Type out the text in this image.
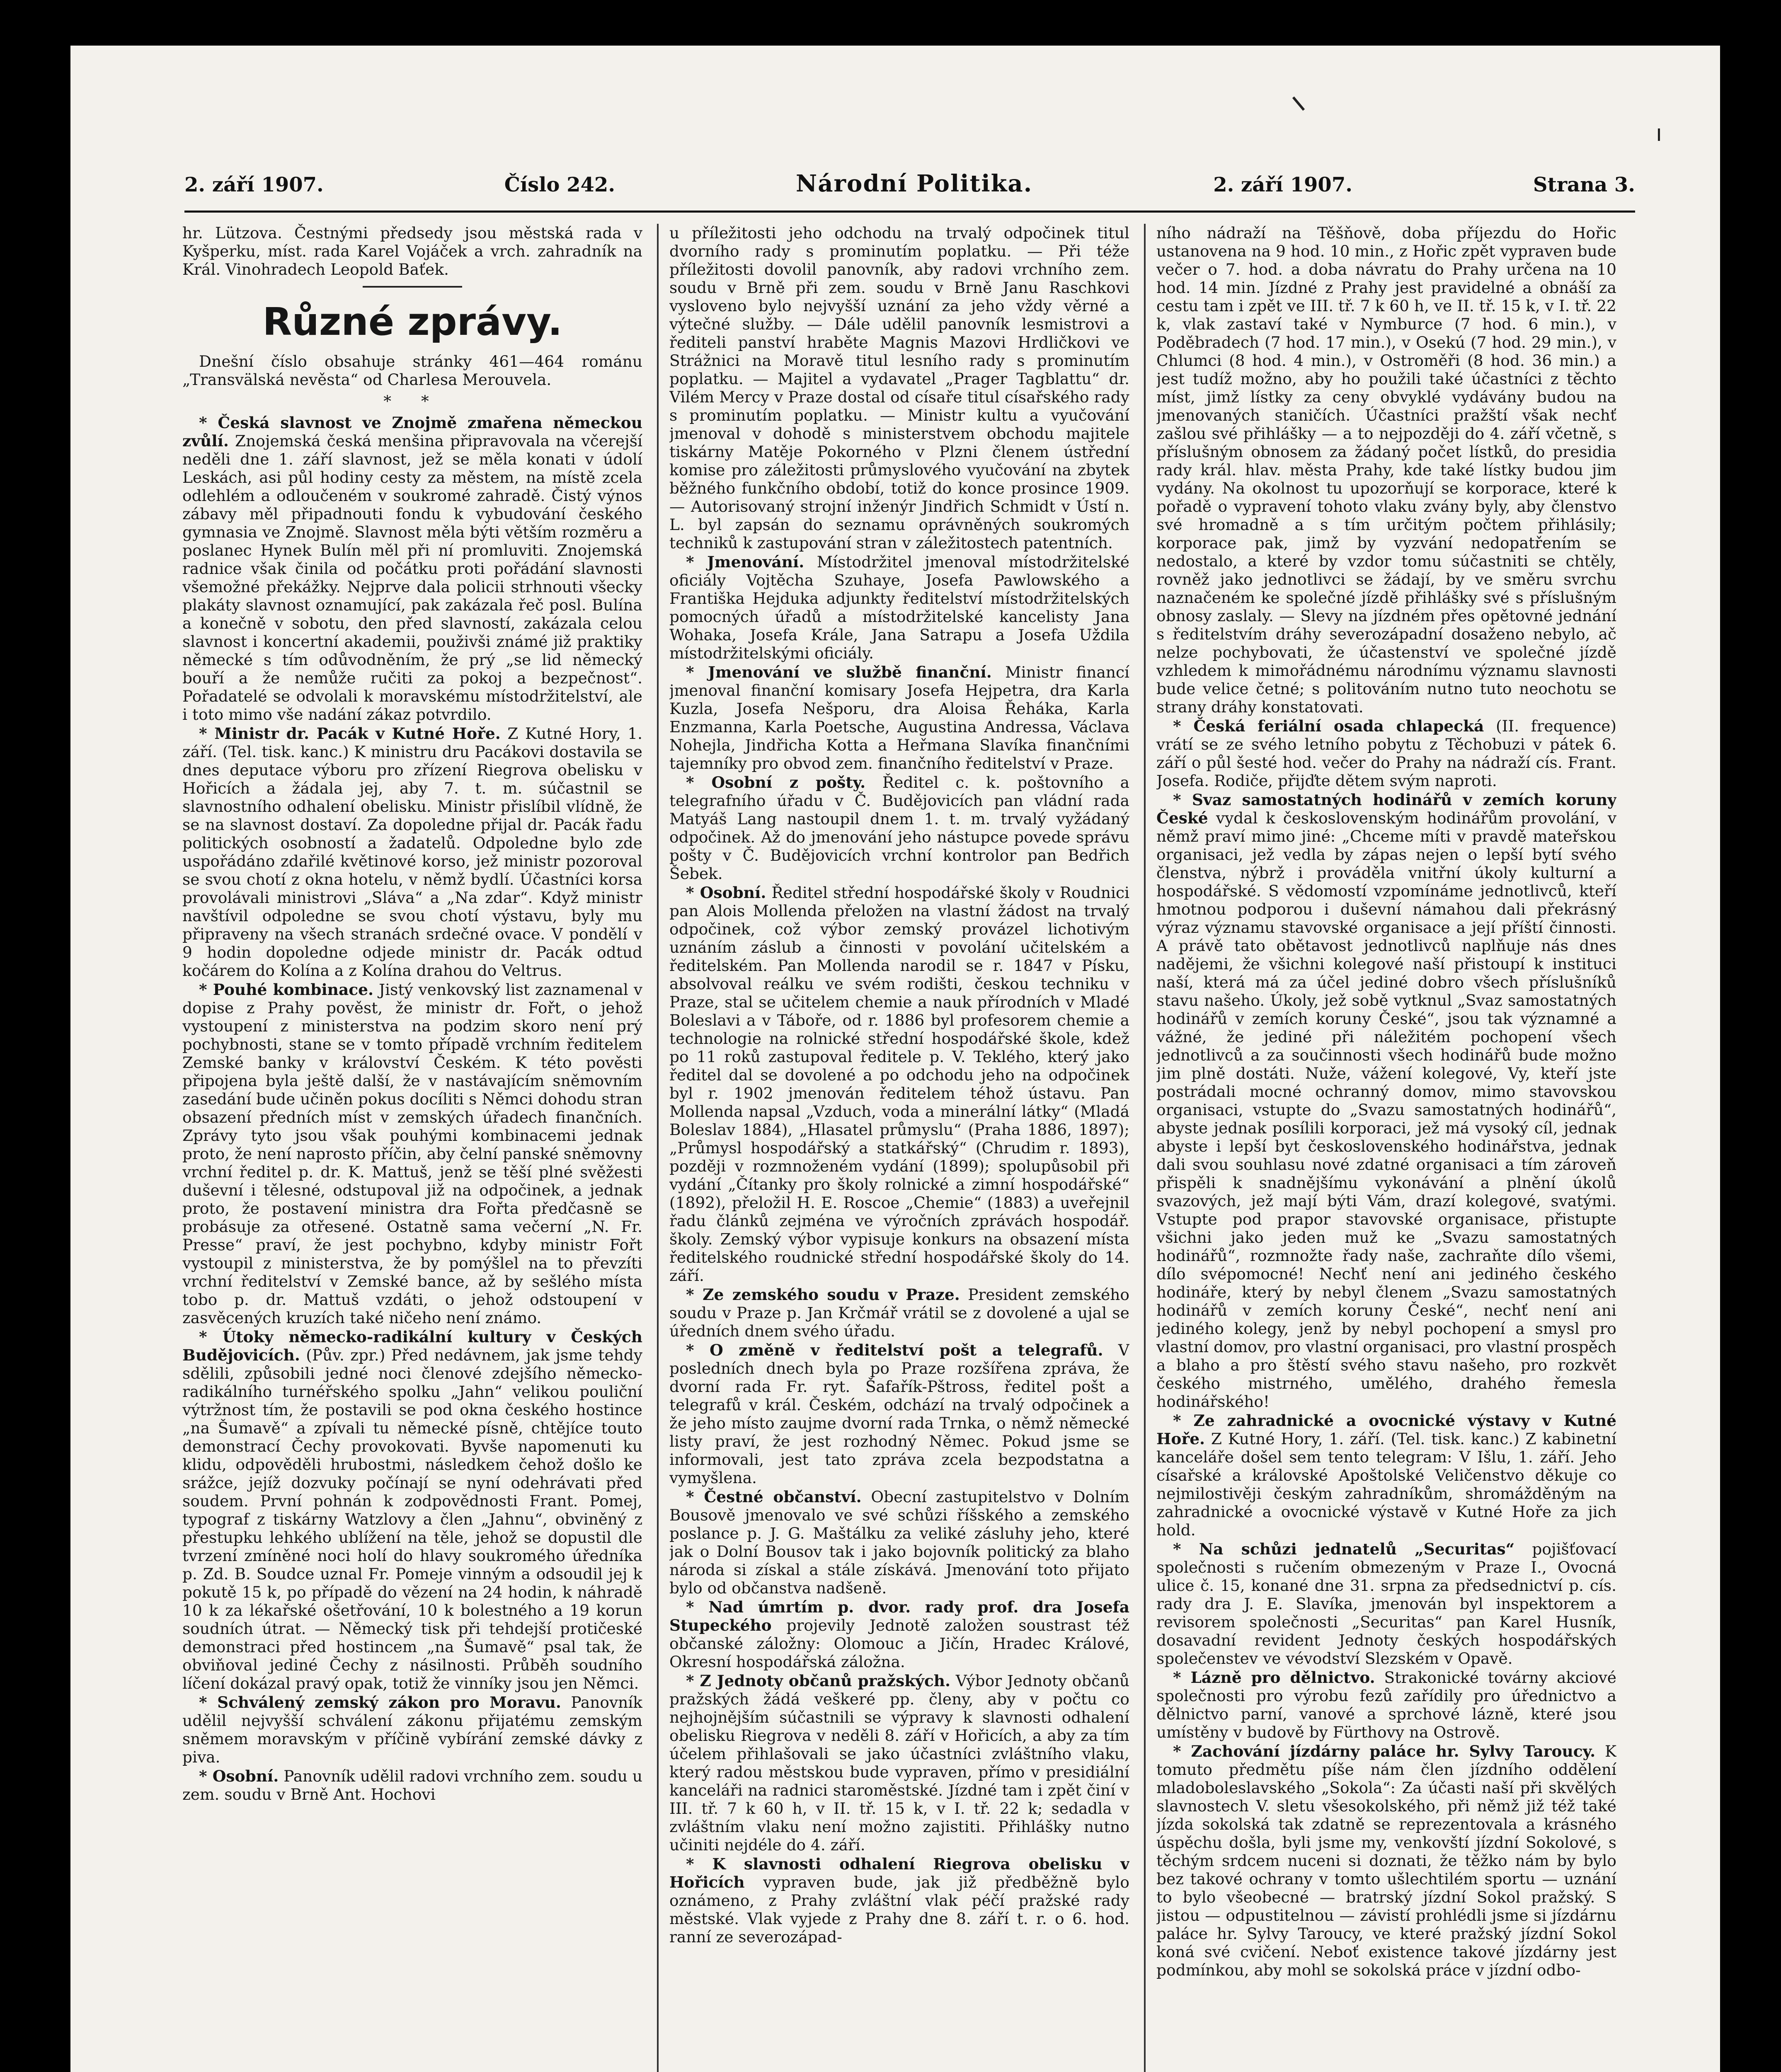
2. září 1907.	Číslo 242.	Národní Politika.	2. září 1907.	Strana 3.

hr. Lützova. Čestnými předsedy jsou městská rada v Kyšperku, míst. rada Karel Vojáček a vrch. zahradník na Král. Vinohradech Leopold Baťek.

Různé zprávy.

Dnešní číslo obsahuje stránky 461—464 románu „Transvälská nevěsta“ od Charlesa Merouvela.

* *

* Česká slavnost ve Znojmě zmařena německou zvůlí. Znojemská česká menšina připravovala na včerejší neděli dne 1. září slavnost, jež se měla konati v údolí Leskách, asi půl hodiny cesty za městem, na místě zcela odlehlém a odloučeném v soukromé zahradě. Čistý výnos zábavy měl připadnouti fondu k vybudování českého gymnasia ve Znojmě. Slavnost měla býti větším rozměru a poslanec Hynek Bulín měl při ní promluviti. Znojemská radnice však činila od počátku proti pořádání slavnosti všemožné překážky. Nejprve dala policii strhnouti všecky plakáty slavnost oznamující, pak zakázala řeč posl. Bulína a konečně v sobotu, den před slavností, zakázala celou slavnost i koncertní akademii, použivši známé již praktiky německé s tím odůvodněním, že prý „se lid německý bouří a že nemůže ručiti za pokoj a bezpečnost“. Pořadatelé se odvolali k moravskému místodržitelství, ale i toto mimo vše nadání zákaz potvrdilo.

* Ministr dr. Pacák v Kutné Hoře. Z Kutné Hory, 1. září. (Tel. tisk. kanc.) K ministru dru Pacákovi dostavila se dnes deputace výboru pro zřízení Riegrova obelisku v Hořicích a žádala jej, aby 7. t. m. súčastnil se slavnostního odhalení obelisku. Ministr přislíbil vlídně, že se na slavnost dostaví. Za dopoledne přijal dr. Pacák řadu politických osobností a žadatelů. Odpoledne bylo zde uspořádáno zdařilé květinové korso, jež ministr pozoroval se svou chotí z okna hotelu, v němž bydlí. Účastníci korsa provolávali ministrovi „Sláva“ a „Na zdar“. Když ministr navštívil odpoledne se svou chotí výstavu, byly mu připraveny na všech stranách srdečné ovace. V pondělí v 9 hodin dopoledne odjede ministr dr. Pacák odtud kočárem do Kolína a z Kolína drahou do Veltrus.

* Pouhé kombinace. Jistý venkovský list zaznamenal v dopise z Prahy pověst, že ministr dr. Fořt, o jehož vystoupení z ministerstva na podzim skoro není prý pochybnosti, stane se v tomto případě vrchním ředitelem Zemské banky v království Českém. K této pověsti připojena byla ještě další, že v nastávajícím sněmovním zasedání bude učiněn pokus docíliti s Němci dohodu stran obsazení předních míst v zemských úřadech finančních. Zprávy tyto jsou však pouhými kombinacemi jednak proto, že není naprosto příčin, aby čelní panské sněmovny vrchní ředitel p. dr. K. Mattuš, jenž se těší plné svěžesti duševní i tělesné, odstupoval již na odpočinek, a jednak proto, že postavení ministra dra Fořta předčasně se probásuje za otřesené. Ostatně sama večerní „N. Fr. Presse“ praví, že jest pochybno, kdyby ministr Fořt vystoupil z ministerstva, že by pomýšlel na to převzíti vrchní ředitelství v Zemské bance, až by sešlého místa tobo p. dr. Mattuš vzdáti, o jehož odstoupení v zasvěcených kruzích také ničeho není známo.

* Útoky německo-radikální kultury v Českých Budějovicích. (Pův. zpr.) Před nedávnem, jak jsme tehdy sdělili, způsobili jedné noci členové zdejšího německo-radikálního turnéřského spolku „Jahn“ velikou pouliční výtržnost tím, že postavili se pod okna českého hostince „na Šumavě“ a zpívali tu německé písně, chtějíce touto demonstrací Čechy provokovati. Byvše napomenuti ku klidu, odpověděli hrubostmi, následkem čehož došlo ke srážce, jejíž dozvuky počínají se nyní odehrávati před soudem. První pohnán k zodpovědnosti Frant. Pomej, typograf z tiskárny Watzlovy a člen „Jahnu“, obviněný z přestupku lehkého ublížení na těle, jehož se dopustil dle tvrzení zmíněné noci holí do hlavy soukromého úředníka p. Zd. B. Soudce uznal Fr. Pomeje vinným a odsoudil jej k pokutě 15 k, po případě do vězení na 24 hodin, k náhradě 10 k za lékařské ošetřování, 10 k bolestného a 19 korun soudních útrat. — Německý tisk při tehdejší protičeské demonstraci před hostincem „na Šumavě“ psal tak, že obviňoval jediné Čechy z násilnosti. Průběh soudního líčení dokázal pravý opak, totiž že vinníky jsou jen Němci.

* Schválený zemský zákon pro Moravu. Panovník udělil nejvyšší schválení zákonu přijatému zemským sněmem moravským v příčině vybírání zemské dávky z piva.

* Osobní. Panovník udělil radovi vrchního zem. soudu u zem. soudu v Brně Ant. Hochovi

u příležitosti jeho odchodu na trvalý odpočinek titul dvorního rady s prominutím poplatku. — Při téže příležitosti dovolil panovník, aby radovi vrchního zem. soudu v Brně při zem. soudu v Brně Janu Raschkovi vysloveno bylo nejvyšší uznání za jeho vždy věrné a výtečné služby. — Dále udělil panovník lesmistrovi a řediteli panství hraběte Magnis Mazovi Hrdličkovi ve Strážnici na Moravě titul lesního rady s prominutím poplatku. — Majitel a vydavatel „Prager Tagblattu“ dr. Vilém Mercy v Praze dostal od císaře titul císařského rady s prominutím poplatku. — Ministr kultu a vyučování jmenoval v dohodě s ministerstvem obchodu majitele tiskárny Matěje Pokorného v Plzni členem ústřední komise pro záležitosti průmyslového vyučování na zbytek běžného funkčního období, totiž do konce prosince 1909. — Autorisovaný strojní inženýr Jindřich Schmidt v Ústí n. L. byl zapsán do seznamu oprávněných soukromých techniků k zastupování stran v záležitostech patentních.

* Jmenování. Místodržitel jmenoval místodržitelské oficiály Vojtěcha Szuhaye, Josefa Pawlowského a Františka Hejduka adjunkty ředitelství místodržitelských pomocných úřadů a místodržitelské kancelisty Jana Wohaka, Josefa Krále, Jana Satrapu a Josefa Uždila místodržitelskými oficiály.

* Jmenování ve službě finanční. Ministr financí jmenoval finanční komisary Josefa Hejpetra, dra Karla Kuzla, Josefa Nešporu, dra Aloisa Řeháka, Karla Enzmanna, Karla Poetsche, Augustina Andressa, Václava Nohejla, Jindřicha Kotta a Heřmana Slavíka finančními tajemníky pro obvod zem. finančního ředitelství v Praze.

* Osobní z pošty. Ředitel c. k. poštovního a telegrafního úřadu v Č. Budějovicích pan vládní rada Matyáš Lang nastoupil dnem 1. t. m. trvalý vyžádaný odpočinek. Až do jmenování jeho nástupce povede správu pošty v Č. Budějovicích vrchní kontrolor pan Bedřich Šebek.

* Osobní. Ředitel střední hospodářské školy v Roudnici pan Alois Mollenda přeložen na vlastní žádost na trvalý odpočinek, což výbor zemský provázel lichotivým uznáním záslub a činnosti v povolání učitelském a ředitelském. Pan Mollenda narodil se r. 1847 v Písku, absolvoval reálku ve svém rodišti, českou techniku v Praze, stal se učitelem chemie a nauk přírodních v Mladé Boleslavi a v Táboře, od r. 1886 byl profesorem chemie a technologie na rolnické střední hospodářské škole, kdež po 11 roků zastupoval ředitele p. V. Teklého, který jako ředitel dal se dovolené a po odchodu jeho na odpočinek byl r. 1902 jmenován ředitelem téhož ústavu. Pan Mollenda napsal „Vzduch, voda a minerální látky“ (Mladá Boleslav 1884), „Hlasatel průmyslu“ (Praha 1886, 1897); „Průmysl hospodářský a statkářský“ (Chrudim r. 1893), později v rozmnoženém vydání (1899); spolupůsobil při vydání „Čítanky pro školy rolnické a zimní hospodářské“ (1892), přeložil H. E. Roscoe „Chemie“ (1883) a uveřejnil řadu článků zejména ve výročních zprávách hospodář. školy. Zemský výbor vypisuje konkurs na obsazení místa ředitelského roudnické střední hospodářské školy do 14. září.

* Ze zemského soudu v Praze. President zemského soudu v Praze p. Jan Krčmář vrátil se z dovolené a ujal se úředních dnem svého úřadu.

* O změně v ředitelství pošt a telegrafů. V posledních dnech byla po Praze rozšířena zpráva, že dvorní rada Fr. ryt. Šafařík-Pštross, ředitel pošt a telegrafů v král. Českém, odchází na trvalý odpočinek a že jeho místo zaujme dvorní rada Trnka, o němž německé listy praví, že jest rozhodný Němec. Pokud jsme se informovali, jest tato zpráva zcela bezpodstatna a vymyšlena.

* Čestné občanství. Obecní zastupitelstvo v Dolním Bousově jmenovalo ve své schůzi říšského a zemského poslance p. J. G. Maštálku za veliké zásluhy jeho, které jak o Dolní Bousov tak i jako bojovník politický za blaho národa si získal a stále získává. Jmenování toto přijato bylo od občanstva nadšeně.

* Nad úmrtím p. dvor. rady prof. dra Josefa Stupeckého projevily Jednotě založen soustrast též občanské záložny: Olomouc a Jičín, Hradec Králové, Okresní hospodářská záložna.

* Z Jednoty občanů pražských. Výbor Jednoty občanů pražských žádá veškeré pp. členy, aby v počtu co nejhojnějším súčastnili se výpravy k slavnosti odhalení obelisku Riegrova v neděli 8. září v Hořicích, a aby za tím účelem přihlašovali se jako účastníci zvláštního vlaku, který radou městskou bude vypraven, přímo v presidiální kanceláři na radnici staroměstské. Jízdné tam i zpět činí v III. tř. 7 k 60 h, v II. tř. 15 k, v I. tř. 22 k; sedadla v zvláštním vlaku není možno zajistiti. Přihlášky nutno učiniti nejdéle do 4. září.

* K slavnosti odhalení Riegrova obelisku v Hořicích vypraven bude, jak již předběžně bylo oznámeno, z Prahy zvláštní vlak péčí pražské rady městské. Vlak vyjede z Prahy dne 8. září t. r. o 6. hod. ranní ze severozápad-

ního nádraží na Těšňově, doba příjezdu do Hořic ustanovena na 9 hod. 10 min., z Hořic zpět vypraven bude večer o 7. hod. a doba návratu do Prahy určena na 10 hod. 14 min. Jízdné z Prahy jest pravidelné a obnáší za cestu tam i zpět ve III. tř. 7 k 60 h, ve II. tř. 15 k, v I. tř. 22 k, vlak zastaví také v Nymburce (7 hod. 6 min.), v Poděbradech (7 hod. 17 min.), v Osekú (7 hod. 29 min.), v Chlumci (8 hod. 4 min.), v Ostroměři (8 hod. 36 min.) a jest tudíž možno, aby ho použili také účastníci z těchto míst, jimž lístky za ceny obvyklé vydávány budou na jmenovaných staničích. Účastníci pražští však nechť zašlou své přihlášky — a to nejpozději do 4. září včetně, s příslušným obnosem za žádaný počet lístků, do presidia rady král. hlav. města Prahy, kde také lístky budou jim vydány. Na okolnost tu upozorňují se korporace, které k pořadě o vypravení tohoto vlaku zvány byly, aby členstvo své hromadně a s tím určitým počtem přihlásily; korporace pak, jimž by vyzvání nedopatřením se nedostalo, a které by vzdor tomu súčastniti se chtěly, rovněž jako jednotlivci se žádají, by ve směru svrchu naznačeném ke společné jízdě přihlášky své s příslušným obnosy zaslaly. — Slevy na jízdném přes opětovné jednání s ředitelstvím dráhy severozápadní dosaženo nebylo, ač nelze pochybovati, že účastenství ve společné jízdě vzhledem k mimořádnému národnímu významu slavnosti bude velice četné; s politováním nutno tuto neochotu se strany dráhy konstatovati.

* Česká feriální osada chlapecká (II. frequence) vrátí se ze svého letního pobytu z Těchobuzi v pátek 6. září o půl šesté hod. večer do Prahy na nádraží cís. Frant. Josefa. Rodiče, přijďte dětem svým naproti.

* Svaz samostatných hodinářů v zemích koruny České vydal k československým hodinářům provolání, v němž praví mimo jiné: „Chceme míti v pravdě mateřskou organisaci, jež vedla by zápas nejen o lepší bytí svého členstva, nýbrž i prováděla vnitřní úkoly kulturní a hospodářské. S vědomostí vzpomínáme jednotlivců, kteří hmotnou podporou i duševní námahou dali překrásný výraz významu stavovské organisace a její příští činnosti. A právě tato obětavost jednotlivců naplňuje nás dnes nadějemi, že všichni kolegové naší přistoupí k instituci naší, která má za účel jediné dobro všech příslušníků stavu našeho. Úkoly, jež sobě vytknul „Svaz samostatných hodinářů v zemích koruny České“, jsou tak významné a vážné, že jediné při náležitém pochopení všech jednotlivců a za součinnosti všech hodinářů bude možno jim plně dostáti. Nuže, vážení kolegové, Vy, kteří jste postrádali mocné ochranný domov, mimo stavovskou organisaci, vstupte do „Svazu samostatných hodinářů“, abyste jednak posílili korporaci, jež má vysoký cíl, jednak abyste i lepší byt československého hodinářstva, jednak dali svou souhlasu nové zdatné organisaci a tím zároveň přispěli k snadnějšímu vykonávání a plnění úkolů svazových, jež mají býti Vám, drazí kolegové, svatými. Vstupte pod prapor stavovské organisace, přistupte všichni jako jeden muž ke „Svazu samostatných hodinářů“, rozmnožte řady naše, zachraňte dílo všemi, dílo svépomocné! Nechť není ani jediného českého hodináře, který by nebyl členem „Svazu samostatných hodinářů v zemích koruny České“, nechť není ani jediného kolegy, jenž by nebyl pochopení a smysl pro vlastní domov, pro vlastní organisaci, pro vlastní prospěch a blaho a pro štěstí svého stavu našeho, pro rozkvět českého mistrného, umělého, drahého řemesla hodinářského!

* Ze zahradnické a ovocnické výstavy v Kutné Hoře. Z Kutné Hory, 1. září. (Tel. tisk. kanc.) Z kabinetní kanceláře došel sem tento telegram: V Išlu, 1. září. Jeho císařské a královské Apoštolské Veličenstvo děkuje co nejmilostivěji českým zahradníkům, shromážděným na zahradnické a ovocnické výstavě v Kutné Hoře za jich hold.

* Na schůzi jednatelů „Securitas“ pojišťovací společnosti s ručením obmezeným v Praze I., Ovocná ulice č. 15, konané dne 31. srpna za předsednictví p. cís. rady dra J. E. Slavíka, jmenován byl inspektorem a revisorem společnosti „Securitas“ pan Karel Husník, dosavadní revident Jednoty českých hospodářských společenstev ve vévodství Slezském v Opavě.

* Lázně pro dělnictvo. Strakonické továrny akciové společnosti pro výrobu fezů zařídily pro úřednictvo a dělnictvo parní, vanové a sprchové lázně, které jsou umístěny v budově by Fürthovy na Ostrově.

* Zachování jízdárny paláce hr. Sylvy Taroucy. K tomuto předmětu píše nám člen jízdního oddělení mladoboleslavského „Sokola“: Za účasti naší při skvělých slavnostech V. sletu všesokolského, při němž již též také jízda sokolská tak zdatně se reprezentovala a krásného úspěchu došla, byli jsme my, venkovští jízdní Sokolové, s těchým srdcem nuceni si doznati, že těžko nám by bylo bez takové ochrany v tomto ušlechtilém sportu — uznání to bylo všeobecné — bratrský jízdní Sokol pražský. S jistou — odpustitelnou — závistí prohlédli jsme si jízdárnu paláce hr. Sylvy Taroucy, ve které pražský jízdní Sokol koná své cvičení. Neboť existence takové jízdárny jest podmínkou, aby mohl se sokolská práce v jízdní odbo-
